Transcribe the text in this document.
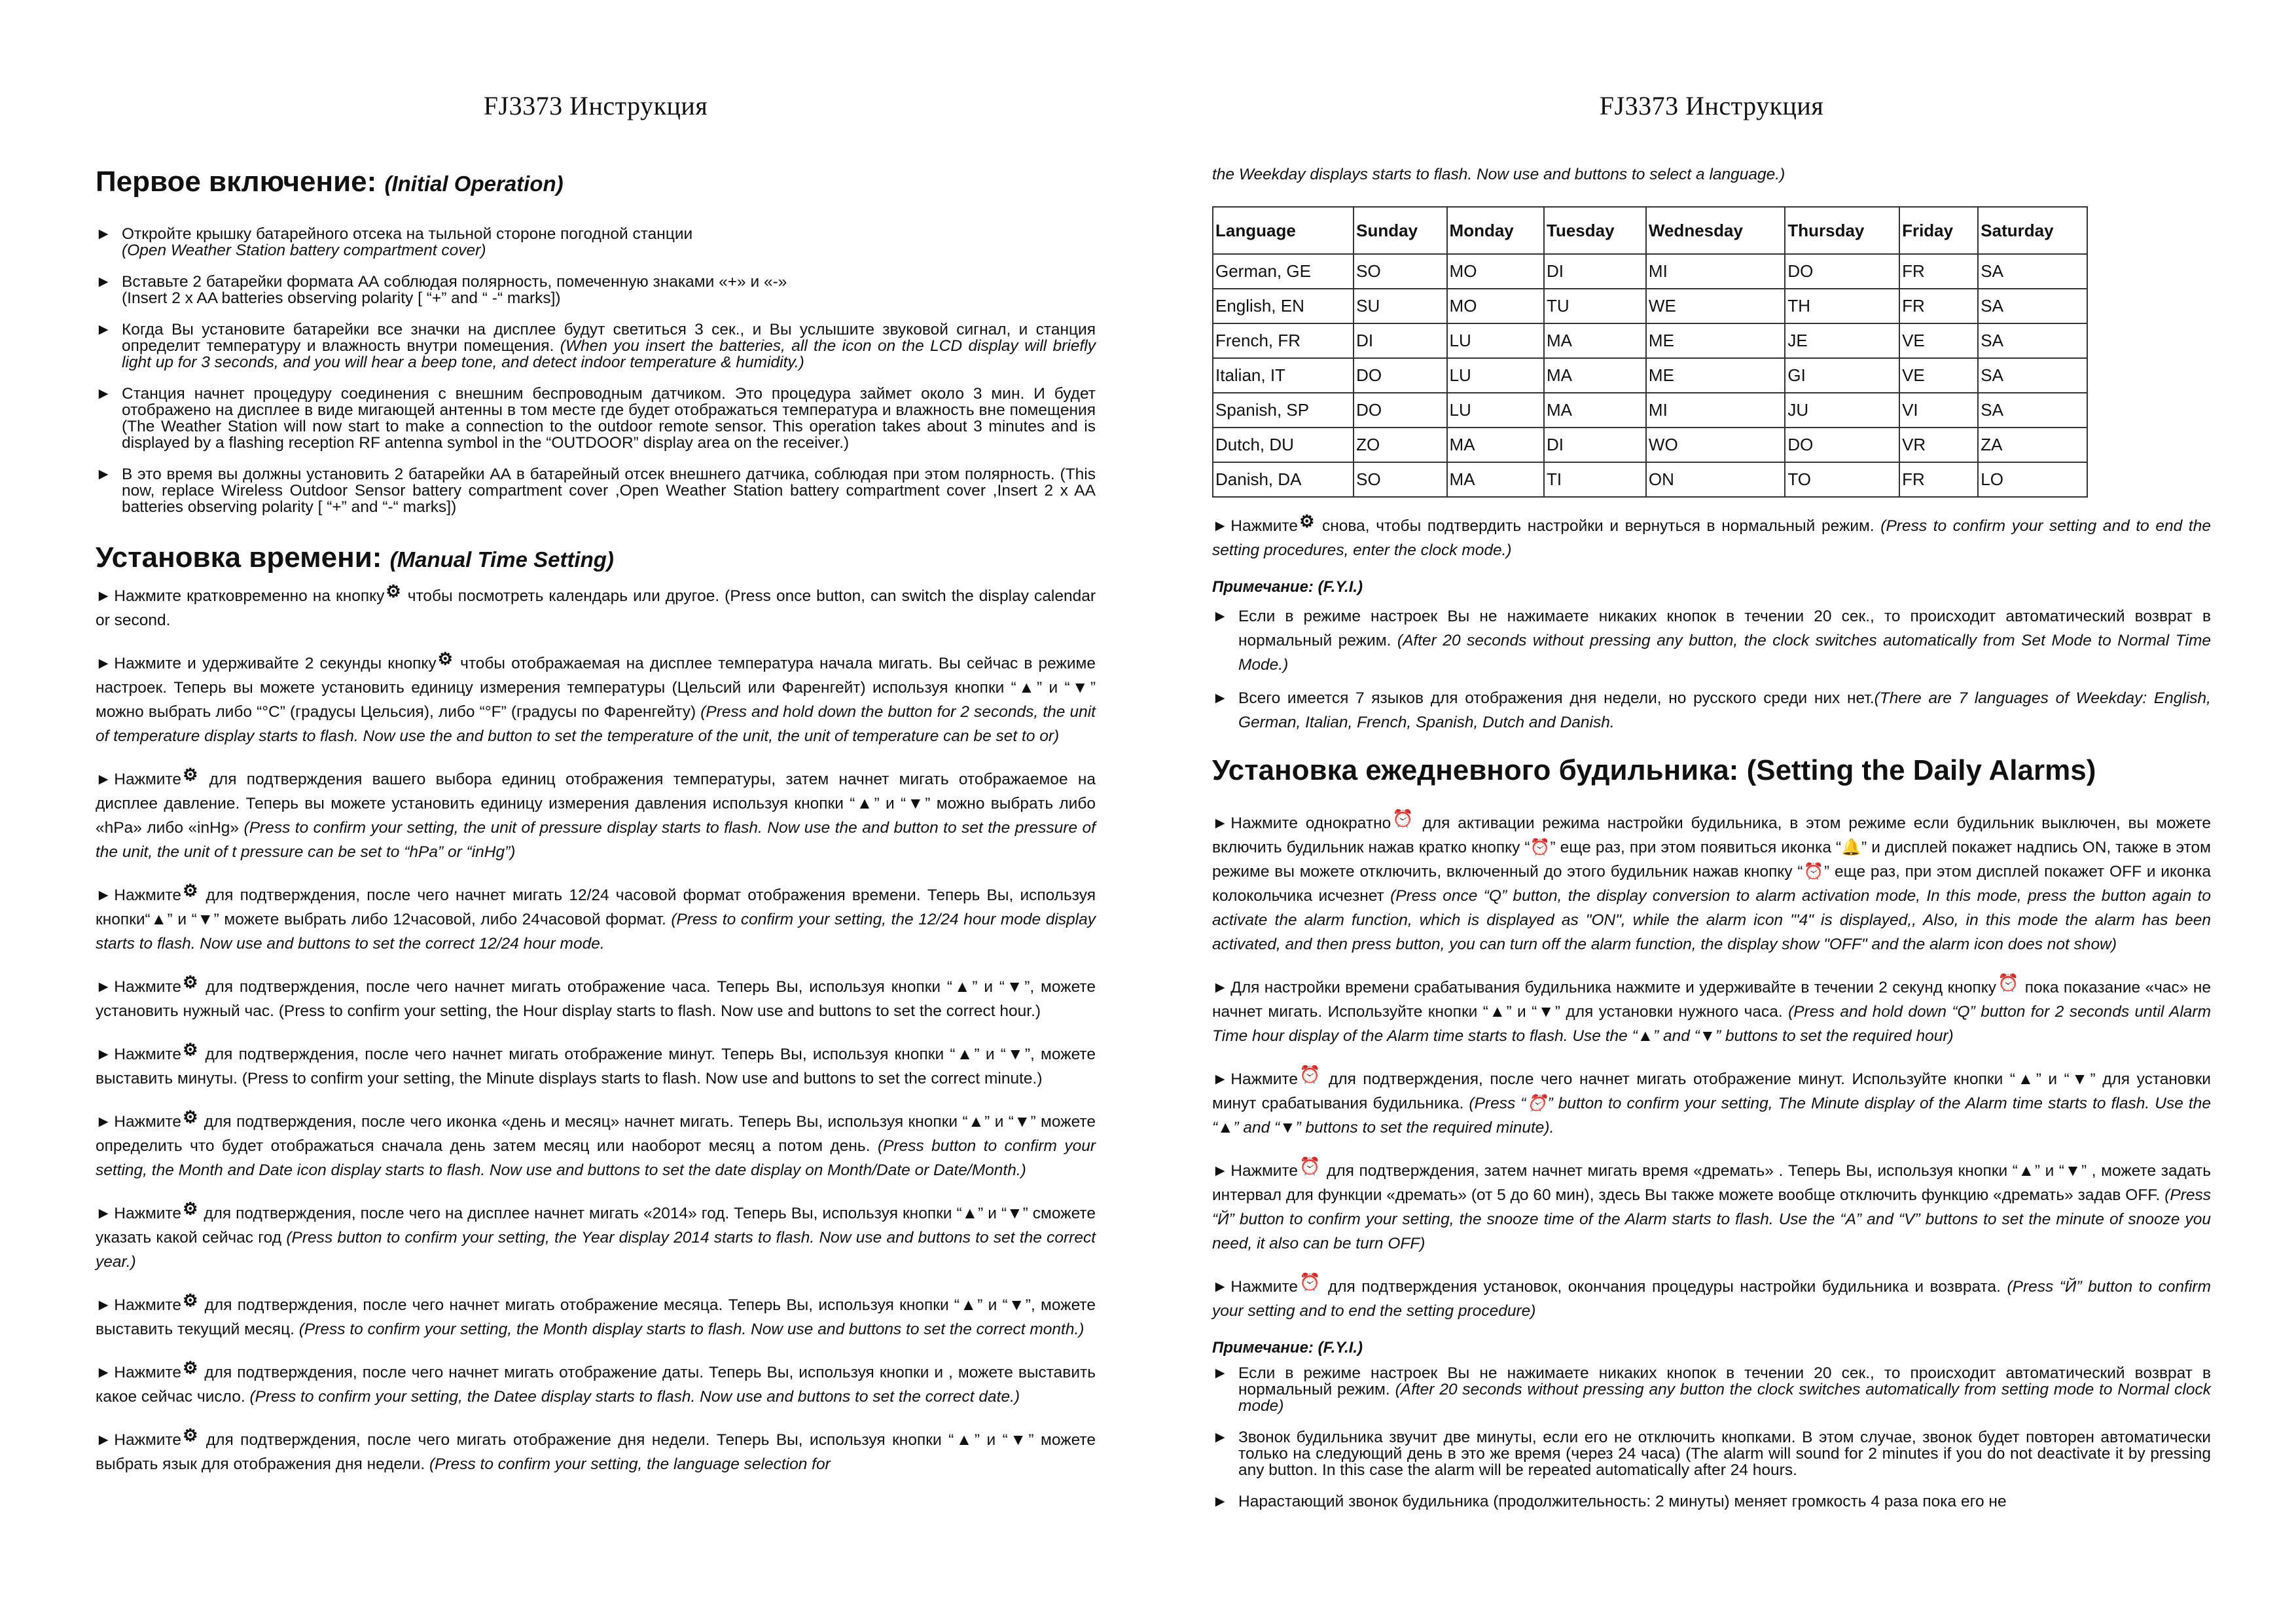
FJ3373 Инструкция
Первое включение: (Initial Operation)
► Откройте крышку батарейного отсека на тыльной стороне погодной станции
(Open Weather Station battery compartment cover)
► Вставьте 2 батарейки формата АА соблюдая полярность, помеченную знаками «+» и «-»
(Insert 2 x AA batteries observing polarity [ “+” and “ -“ marks])
► Когда Вы установите батарейки все значки на дисплее будут светиться 3 сек., и Вы услышите звуковой сигнал, и станция определит температуру и влажность внутри помещения. (When you insert the batteries, all the icon on the LCD display will briefly light up for 3 seconds, and you will hear a beep tone, and detect indoor temperature & humidity.)
► Станция начнет процедуру соединения с внешним беспроводным датчиком. Это процедура займет около 3 мин. И будет отображено на дисплее в виде мигающей антенны в том месте где будет отображаться температура и влажность вне помещения (The Weather Station will now start to make a connection to the outdoor remote sensor. This operation takes about 3 minutes and is displayed by a flashing reception RF antenna symbol in the “OUTDOOR” display area on the receiver.)
► В это время вы должны установить 2 батарейки АА в батарейный отсек внешнего датчика, соблюдая при этом полярность. (This now, replace Wireless Outdoor Sensor battery compartment cover ,Open Weather Station battery compartment cover ,Insert 2 x AA batteries observing polarity [ “+” and “-“ marks])
Установка времени: (Manual Time Setting)

► Нажмите кратковременно на кнопку⚙ чтобы посмотреть календарь или другое. (Press once button, can switch the display calendar or second.

► Нажмите и удерживайте 2 секунды кнопку⚙ чтобы отображаемая на дисплее температура начала мигать. Вы сейчас в режиме настроек. Теперь вы можете установить единицу измерения температуры (Цельсий или Фаренгейт) используя кнопки “▲” и “▼” можно выбрать либо “°C” (градусы Цельсия), либо “°F” (градусы по Фаренгейту) (Press and hold down the button for 2 seconds, the unit of temperature display starts to flash. Now use the and button to set the temperature of the unit, the unit of temperature can be set to or)

► Нажмите⚙ для подтверждения вашего выбора единиц отображения температуры, затем начнет мигать отображаемое на дисплее давление. Теперь вы можете установить единицу измерения давления используя кнопки “▲” и “▼” можно выбрать либо «hPa» либо «inHg» (Press to confirm your setting, the unit of pressure display starts to flash. Now use the and button to set the pressure of the unit, the unit of t pressure can be set to “hPa” or “inHg”)

► Нажмите⚙ для подтверждения, после чего начнет мигать 12/24 часовой формат отображения времени. Теперь Вы, используя кнопки“▲” и “▼” можете выбрать либо 12часовой, либо 24часовой формат. (Press to confirm your setting, the 12/24 hour mode display starts to flash. Now use and buttons to set the correct 12/24 hour mode.

► Нажмите⚙ для подтверждения, после чего начнет мигать отображение часа. Теперь Вы, используя кнопки “▲” и “▼”, можете установить нужный час. (Press to confirm your setting, the Hour display starts to flash. Now use and buttons to set the correct hour.)

► Нажмите⚙ для подтверждения, после чего начнет мигать отображение минут. Теперь Вы, используя кнопки “▲” и “▼”, можете выставить минуты. (Press to confirm your setting, the Minute displays starts to flash. Now use and buttons to set the correct minute.)

► Нажмите⚙ для подтверждения, после чего иконка «день и месяц» начнет мигать. Теперь Вы, используя кнопки “▲” и “▼” можете определить что будет отображаться сначала день затем месяц или наоборот месяц а потом день. (Press button to confirm your setting, the Month and Date icon display starts to flash. Now use and buttons to set the date display on Month/Date or Date/Month.)

► Нажмите⚙ для подтверждения, после чего на дисплее начнет мигать «2014» год. Теперь Вы, используя кнопки “▲” и “▼” сможете указать какой сейчас год (Press button to confirm your setting, the Year display 2014 starts to flash. Now use and buttons to set the correct year.)

► Нажмите⚙ для подтверждения, после чего начнет мигать отображение месяца. Теперь Вы, используя кнопки “▲” и “▼”, можете выставить текущий месяц. (Press to confirm your setting, the Month display starts to flash. Now use and buttons to set the correct month.)

► Нажмите⚙ для подтверждения, после чего начнет мигать отображение даты. Теперь Вы, используя кнопки и , можете выставить какое сейчас число. (Press to confirm your setting, the Datee display starts to flash. Now use and buttons to set the correct date.)

► Нажмите⚙ для подтверждения, после чего мигать отображение дня недели. Теперь Вы, используя кнопки “▲” и “▼” можете выбрать язык для отображения дня недели. (Press to confirm your setting, the language selection for

FJ3373 Инструкция
the Weekday displays starts to flash. Now use and buttons to select a language.)
Language	Sunday	Monday	Tuesday	Wednesday	Thursday	Friday	Saturday
German, GE	SO	MO	DI	MI	DO	FR	SA
English, EN	SU	MO	TU	WE	TH	FR	SA
French, FR	DI	LU	MA	ME	JE	VE	SA
Italian, IT	DO	LU	MA	ME	GI	VE	SA
Spanish, SP	DO	LU	MA	MI	JU	VI	SA
Dutch, DU	ZO	MA	DI	WO	DO	VR	ZA
Danish, DA	SO	MA	TI	ON	TO	FR	LO

► Нажмите⚙ снова, чтобы подтвердить настройки и вернуться в нормальный режим. (Press to confirm your setting and to end the setting procedures, enter the clock mode.)

Примечание: (F.Y.I.)
► Если в режиме настроек Вы не нажимаете никаких кнопок в течении 20 сек., то происходит автоматический возврат в нормальный режим. (After 20 seconds without pressing any button, the clock switches automatically from Set Mode to Normal Time Mode.)
► Всего имеется 7 языков для отображения дня недели, но русского среди них нет.(There are 7 languages of Weekday: English, German, Italian, French, Spanish, Dutch and Danish.
Установка ежедневного будильника: (Setting the Daily Alarms)

► Нажмите однократно⏰ для активации режима настройки будильника, в этом режиме если будильник выключен, вы можете включить будильник нажав кратко кнопку “⏰” еще раз, при этом появиться иконка “🔔” и дисплей покажет надпись ON, также в этом режиме вы можете отключить, включенный до этого будильник нажав кнопку “⏰” еще раз, при этом дисплей покажет OFF и иконка колокольчика исчезнет (Press once “Q” button, the display conversion to alarm activation mode, In this mode, press the button again to activate the alarm function, which is displayed as "ON", while the alarm icon "'4" is displayed,, Also, in this mode the alarm has been activated, and then press button, you can turn off the alarm function, the display show "OFF" and the alarm icon does not show)

► Для настройки времени срабатывания будильника нажмите и удерживайте в течении 2 секунд кнопку⏰ пока показание «час» не начнет мигать. Используйте кнопки “▲” и “▼” для установки нужного часа. (Press and hold down “Q” button for 2 seconds until Alarm Time hour display of the Alarm time starts to flash. Use the “▲” and “▼” buttons to set the required hour)

► Нажмите⏰ для подтверждения, после чего начнет мигать отображение минут. Используйте кнопки “▲” и “▼” для установки минут срабатывания будильника. (Press “⏰” button to confirm your setting, The Minute display of the Alarm time starts to flash. Use the “▲” and “▼” buttons to set the required minute).

► Нажмите⏰ для подтверждения, затем начнет мигать время «дремать» . Теперь Вы, используя кнопки “▲” и “▼” , можете задать интервал для функции «дремать» (от 5 до 60 мин), здесь Вы также можете вообще отключить функцию «дремать» задав OFF. (Press “Й” button to confirm your setting, the snooze time of the Alarm starts to flash. Use the “A” and “V” buttons to set the minute of snooze you need, it also can be turn OFF)

► Нажмите⏰ для подтверждения установок, окончания процедуры настройки будильника и возврата. (Press “Й” button to confirm your setting and to end the setting procedure)

Примечание: (F.Y.I.)
► Если в режиме настроек Вы не нажимаете никаких кнопок в течении 20 сек., то происходит автоматический возврат в нормальный режим. (After 20 seconds without pressing any button the clock switches automatically from setting mode to Normal clock mode)
► Звонок будильника звучит две минуты, если его не отключить кнопками. В этом случае, звонок будет повторен автоматически только на следующий день в это же время (через 24 часа) (The alarm will sound for 2 minutes if you do not deactivate it by pressing any button. In this case the alarm will be repeated automatically after 24 hours.
► Нарастающий звонок будильника (продолжительность: 2 минуты) меняет громкость 4 раза пока его не
